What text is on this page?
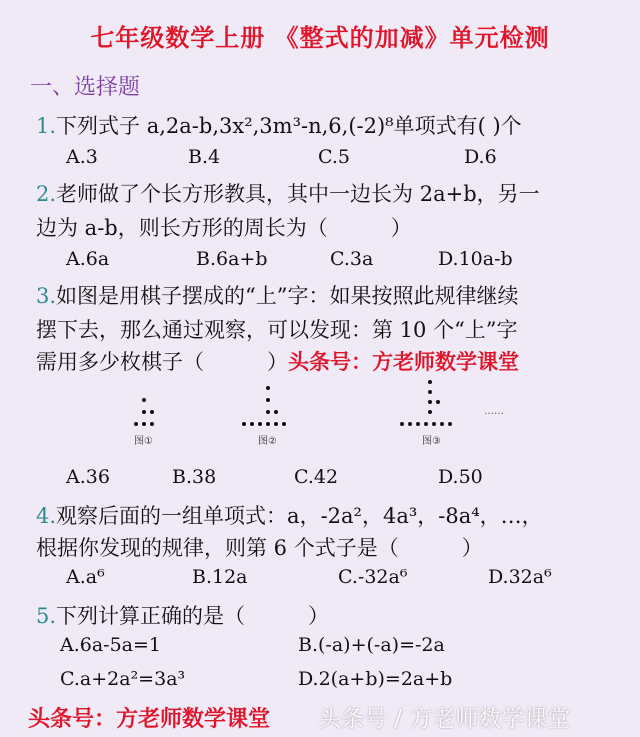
七年级数学上册 《整式的加减》单元检测
一、选择题
1.下列式子 a,2a-b,3x²,3m³-n,6,(-2)⁸单项式有( )个
A.3	B.4	C.5	D.6
2.老师做了个长方形教具，其中一边长为 2a+b，另一
边为 a-b，则长方形的周长为（　　　）
A.6a	B.6a+b	C.3a	D.10a-b
3.如图是用棋子摆成的“上”字：如果按照此规律继续
摆下去，那么通过观察，可以发现：第 10 个“上”字
需用多少枚棋子（　　　）头条号：方老师数学课堂
图①	图②	图③
……
A.36	B.38	C.42	D.50
4.观察后面的一组单项式：a，-2a²，4a³，-8a⁴，…，
根据你发现的规律，则第 6 个式子是（　　　）
A.a⁶	B.12a	C.-32a⁶	D.32a⁶
5.下列计算正确的是（　　　）
A.6a-5a=1	B.(-a)+(-a)=-2a
C.a+2a²=3a³	D.2(a+b)=2a+b
头条号：方老师数学课堂 头条号 / 方老师数学课堂
